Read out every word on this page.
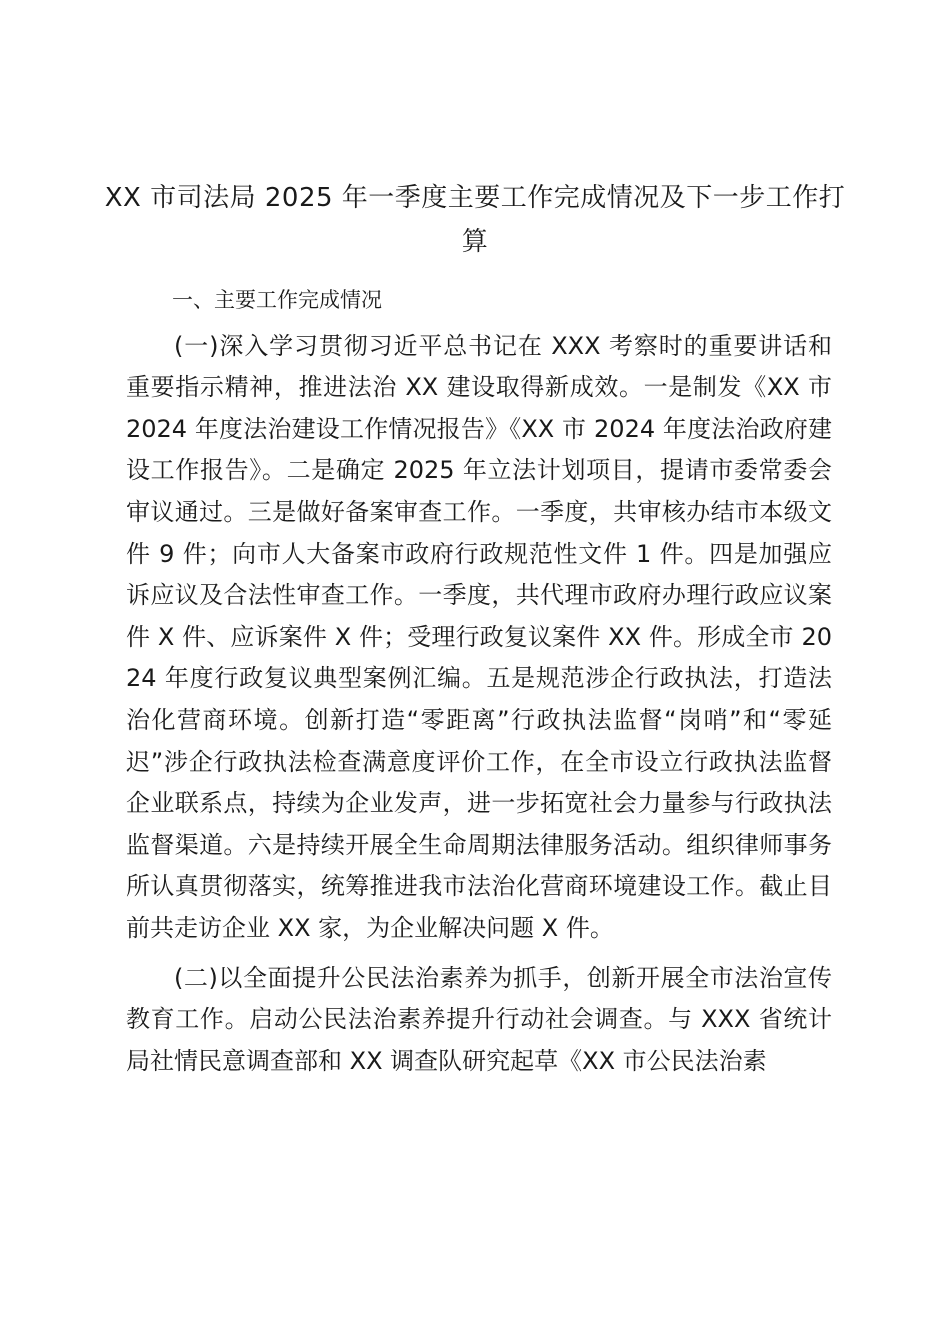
XX 市司法局 2025 年一季度主要工作完成情况及下一步工作打算

一、主要工作完成情况

(一)深入学习贯彻习近平总书记在 XXX 考察时的重要讲话和重要指示精神，推进法治 XX 建设取得新成效。一是制发《XX 市 2024 年度法治建设工作情况报告》《XX 市 2024 年度法治政府建设工作报告》。二是确定 2025 年立法计划项目，提请市委常委会审议通过。三是做好备案审查工作。一季度，共审核办结市本级文件 9 件；向市人大备案市政府行政规范性文件 1 件。四是加强应诉应议及合法性审查工作。一季度，共代理市政府办理行政应议案件 X 件、应诉案件 X 件；受理行政复议案件 XX 件。形成全市 2024 年度行政复议典型案例汇编。五是规范涉企行政执法，打造法治化营商环境。创新打造“零距离”行政执法监督“岗哨”和“零延迟”涉企行政执法检查满意度评价工作，在全市设立行政执法监督企业联系点，持续为企业发声，进一步拓宽社会力量参与行政执法监督渠道。六是持续开展全生命周期法律服务活动。组织律师事务所认真贯彻落实，统筹推进我市法治化营商环境建设工作。截止目前共走访企业 XX 家，为企业解决问题 X 件。

(二)以全面提升公民法治素养为抓手，创新开展全市法治宣传教育工作。启动公民法治素养提升行动社会调查。与 XXX 省统计局社情民意调查部和 XX 调查队研究起草《XX 市公民法治素
